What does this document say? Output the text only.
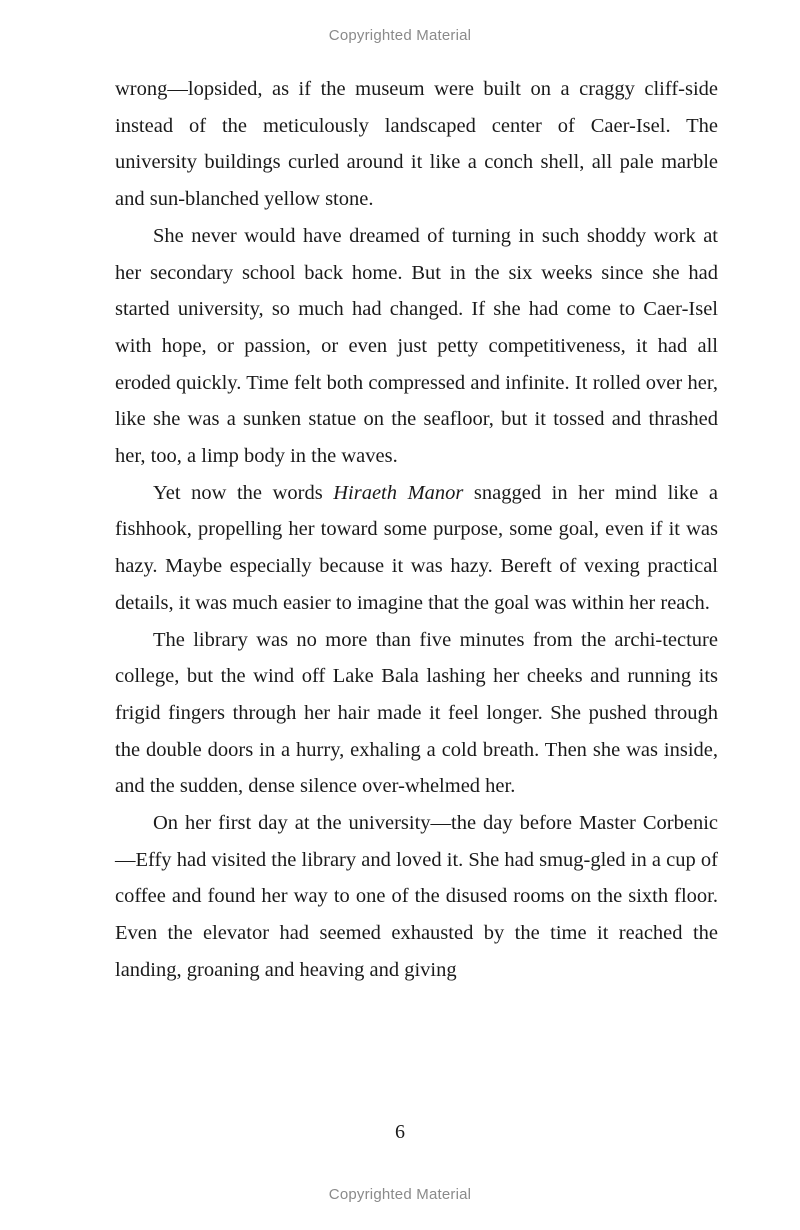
Copyrighted Material

wrong—lopsided, as if the museum were built on a craggy cliff-side instead of the meticulously landscaped center of Caer-Isel. The university buildings curled around it like a conch shell, all pale marble and sun-blanched yellow stone.

She never would have dreamed of turning in such shoddy work at her secondary school back home. But in the six weeks since she had started university, so much had changed. If she had come to Caer-Isel with hope, or passion, or even just petty competitiveness, it had all eroded quickly. Time felt both compressed and infinite. It rolled over her, like she was a sunken statue on the seafloor, but it tossed and thrashed her, too, a limp body in the waves.

Yet now the words Hiraeth Manor snagged in her mind like a fishhook, propelling her toward some purpose, some goal, even if it was hazy. Maybe especially because it was hazy. Bereft of vexing practical details, it was much easier to imagine that the goal was within her reach.

The library was no more than five minutes from the archi-tecture college, but the wind off Lake Bala lashing her cheeks and running its frigid fingers through her hair made it feel longer. She pushed through the double doors in a hurry, exhaling a cold breath. Then she was inside, and the sudden, dense silence over-whelmed her.

On her first day at the university—the day before Master Corbenic—Effy had visited the library and loved it. She had smug-gled in a cup of coffee and found her way to one of the disused rooms on the sixth floor. Even the elevator had seemed exhausted by the time it reached the landing, groaning and heaving and giving

6
Copyrighted Material
